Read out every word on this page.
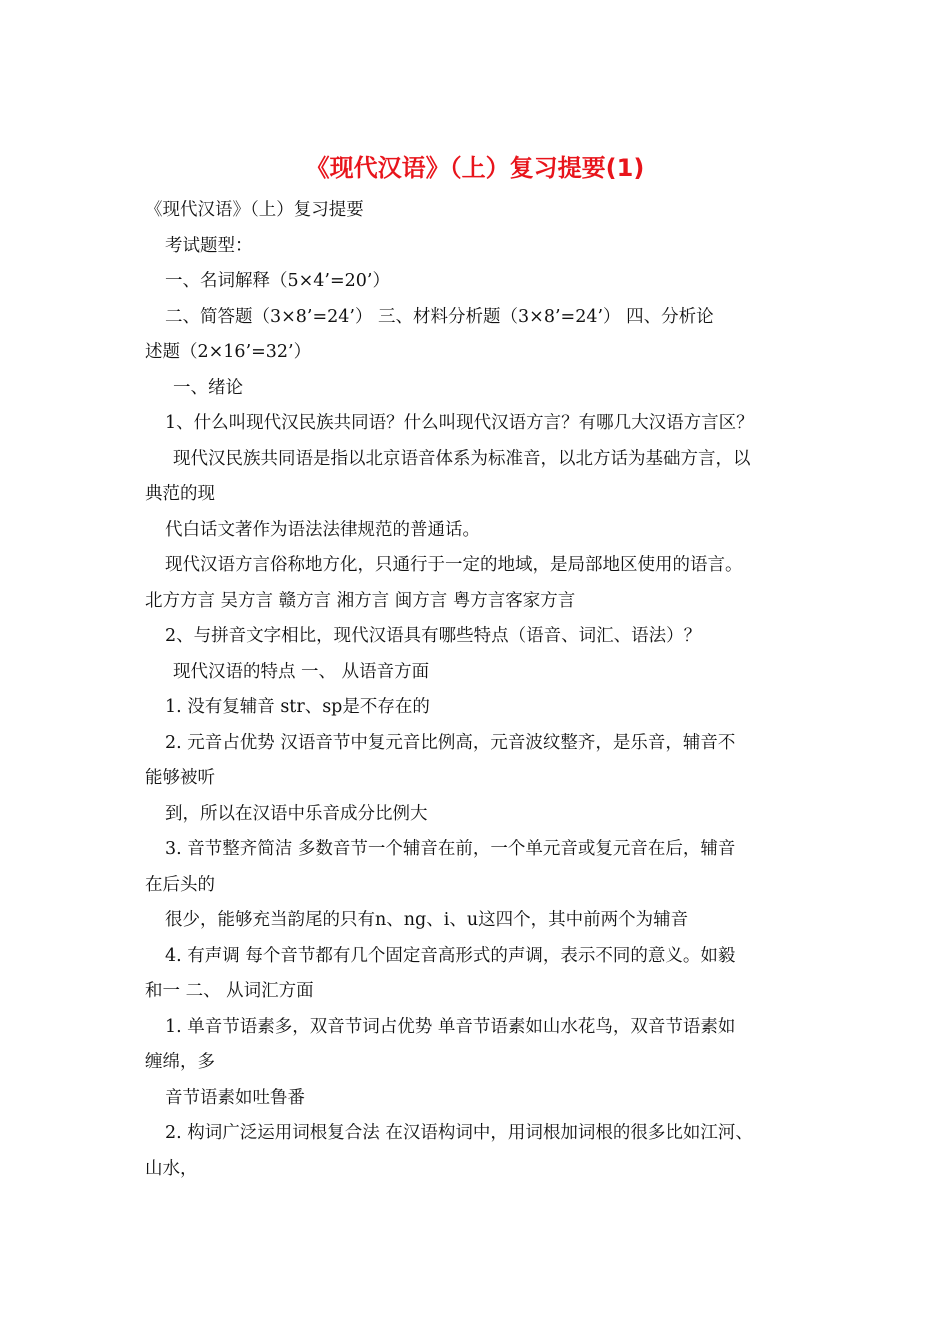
《现代汉语》（上）复习提要(1)
《现代汉语》（上）复习提要
考试题型：
一、名词解释（5×4’=20’）
二、简答题（3×8’=24’） 三、材料分析题（3×8’=24’） 四、分析论
述题（2×16’=32’）
一、绪论
1、什么叫现代汉民族共同语？什么叫现代汉语方言？有哪几大汉语方言区？
现代汉民族共同语是指以北京语音体系为标准音，以北方话为基础方言，以
典范的现
代白话文著作为语法法律规范的普通话。
现代汉语方言俗称地方化，只通行于一定的地域，是局部地区使用的语言。
北方方言 吴方言 赣方言 湘方言 闽方言 粤方言客家方言
2、与拼音文字相比，现代汉语具有哪些特点（语音、词汇、语法）？
现代汉语的特点 一、 从语音方面
1. 没有复辅音 str、sp是不存在的
2. 元音占优势 汉语音节中复元音比例高，元音波纹整齐，是乐音，辅音不
能够被听
到，所以在汉语中乐音成分比例大
3. 音节整齐简洁 多数音节一个辅音在前，一个单元音或复元音在后，辅音
在后头的
很少，能够充当韵尾的只有n、ng、i、u这四个，其中前两个为辅音
4. 有声调 每个音节都有几个固定音高形式的声调，表示不同的意义。如毅
和一 二、 从词汇方面
1. 单音节语素多，双音节词占优势 单音节语素如山水花鸟，双音节语素如
缠绵，多
音节语素如吐鲁番
2. 构词广泛运用词根复合法 在汉语构词中，用词根加词根的很多比如江河、
山水，
